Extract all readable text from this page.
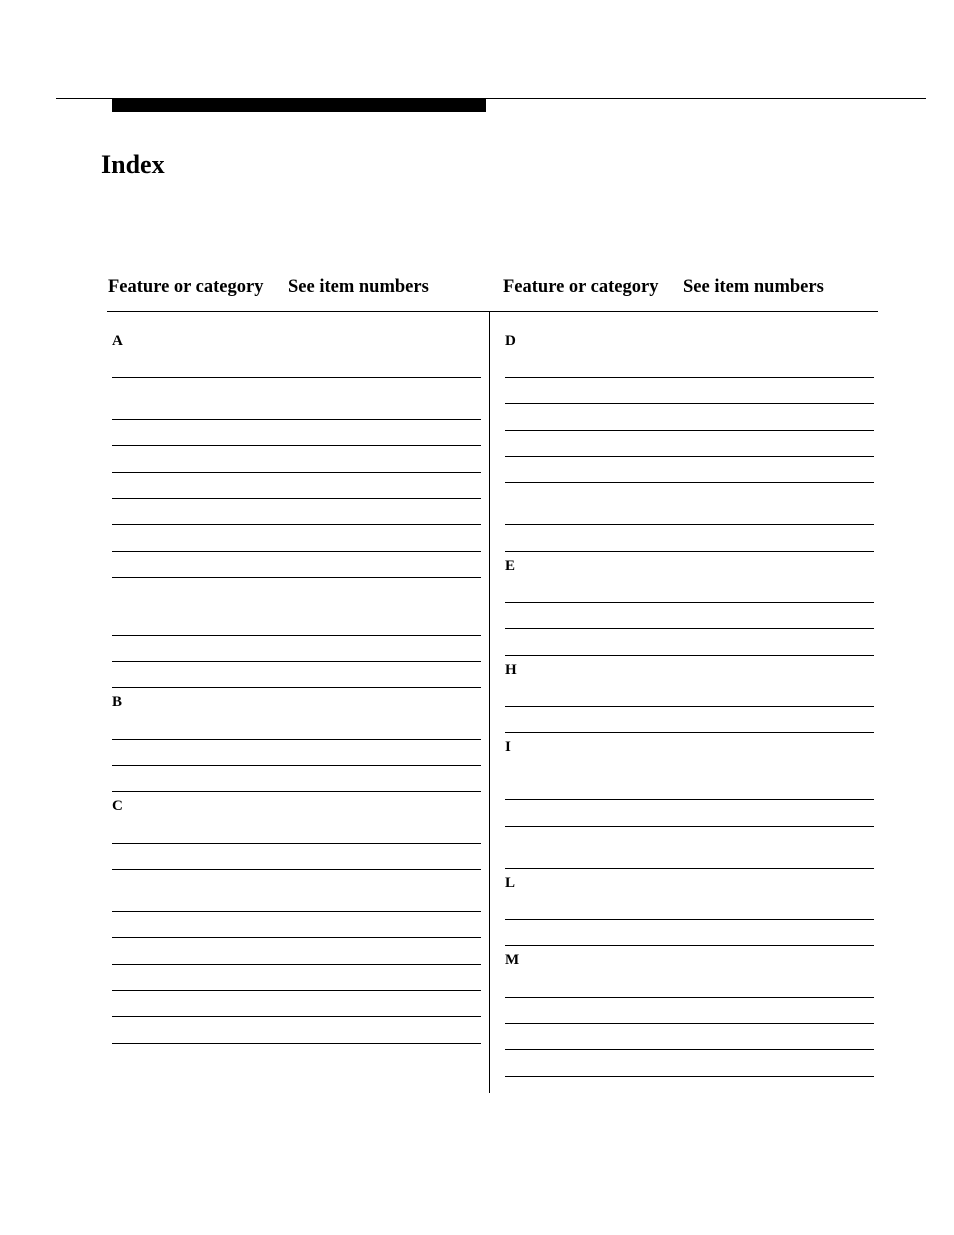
Index
Feature or category See item numbers	Feature or category See item numbers
A
B
C
D
E
H
I
L
M
